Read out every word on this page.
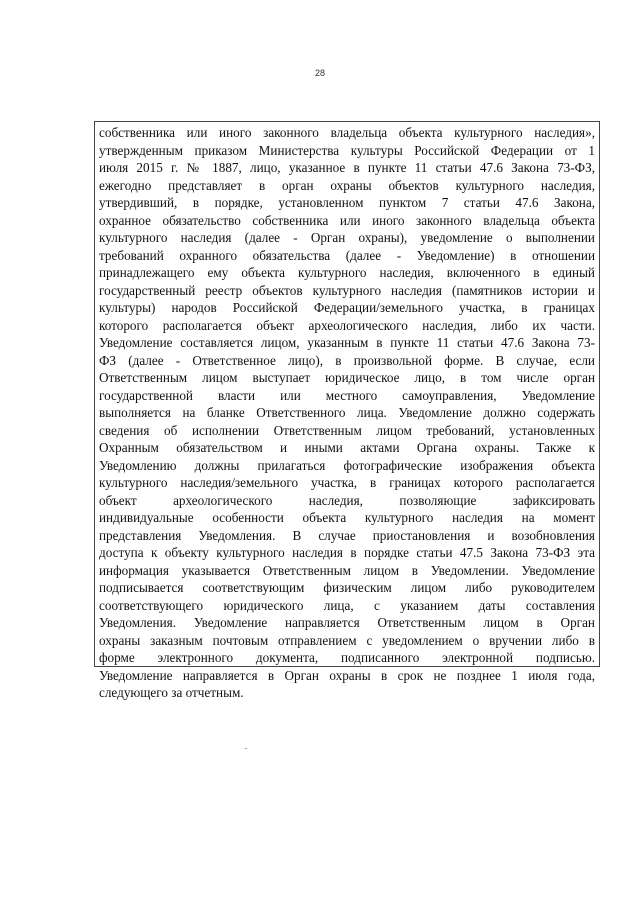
28
собственника или иного законного владельца объекта культурного наследия»,
утвержденным приказом Министерства культуры Российской Федерации от 1
июля 2015 г. № 1887, лицо, указанное в пункте 11 статьи 47.6 Закона 73-ФЗ,
ежегодно представляет в орган охраны объектов культурного наследия,
утвердивший, в порядке, установленном пунктом 7 статьи 47.6 Закона,
охранное обязательство собственника или иного законного владельца объекта
культурного наследия (далее - Орган охраны), уведомление о выполнении
требований охранного обязательства (далее - Уведомление) в отношении
принадлежащего ему объекта культурного наследия, включенного в единый
государственный реестр объектов культурного наследия (памятников истории и
культуры) народов Российской Федерации/земельного участка, в границах
которого располагается объект археологического наследия, либо их части.
Уведомление составляется лицом, указанным в пункте 11 статьи 47.6 Закона 73-
ФЗ (далее - Ответственное лицо), в произвольной форме. В случае, если
Ответственным лицом выступает юридическое лицо, в том числе орган
государственной власти или местного самоуправления, Уведомление
выполняется на бланке Ответственного лица. Уведомление должно содержать
сведения об исполнении Ответственным лицом требований, установленных
Охранным обязательством и иными актами Органа охраны. Также к
Уведомлению должны прилагаться фотографические изображения объекта
культурного наследия/земельного участка, в границах которого располагается
объект археологического наследия, позволяющие зафиксировать
индивидуальные особенности объекта культурного наследия на момент
представления Уведомления. В случае приостановления и возобновления
доступа к объекту культурного наследия в порядке статьи 47.5 Закона 73-ФЗ эта
информация указывается Ответственным лицом в Уведомлении. Уведомление
подписывается соответствующим физическим лицом либо руководителем
соответствующего юридического лица, с указанием даты составления
Уведомления. Уведомление направляется Ответственным лицом в Орган
охраны заказным почтовым отправлением с уведомлением о вручении либо в
форме электронного документа, подписанного электронной подписью.
Уведомление направляется в Орган охраны в срок не позднее 1 июля года,
следующего за отчетным.
